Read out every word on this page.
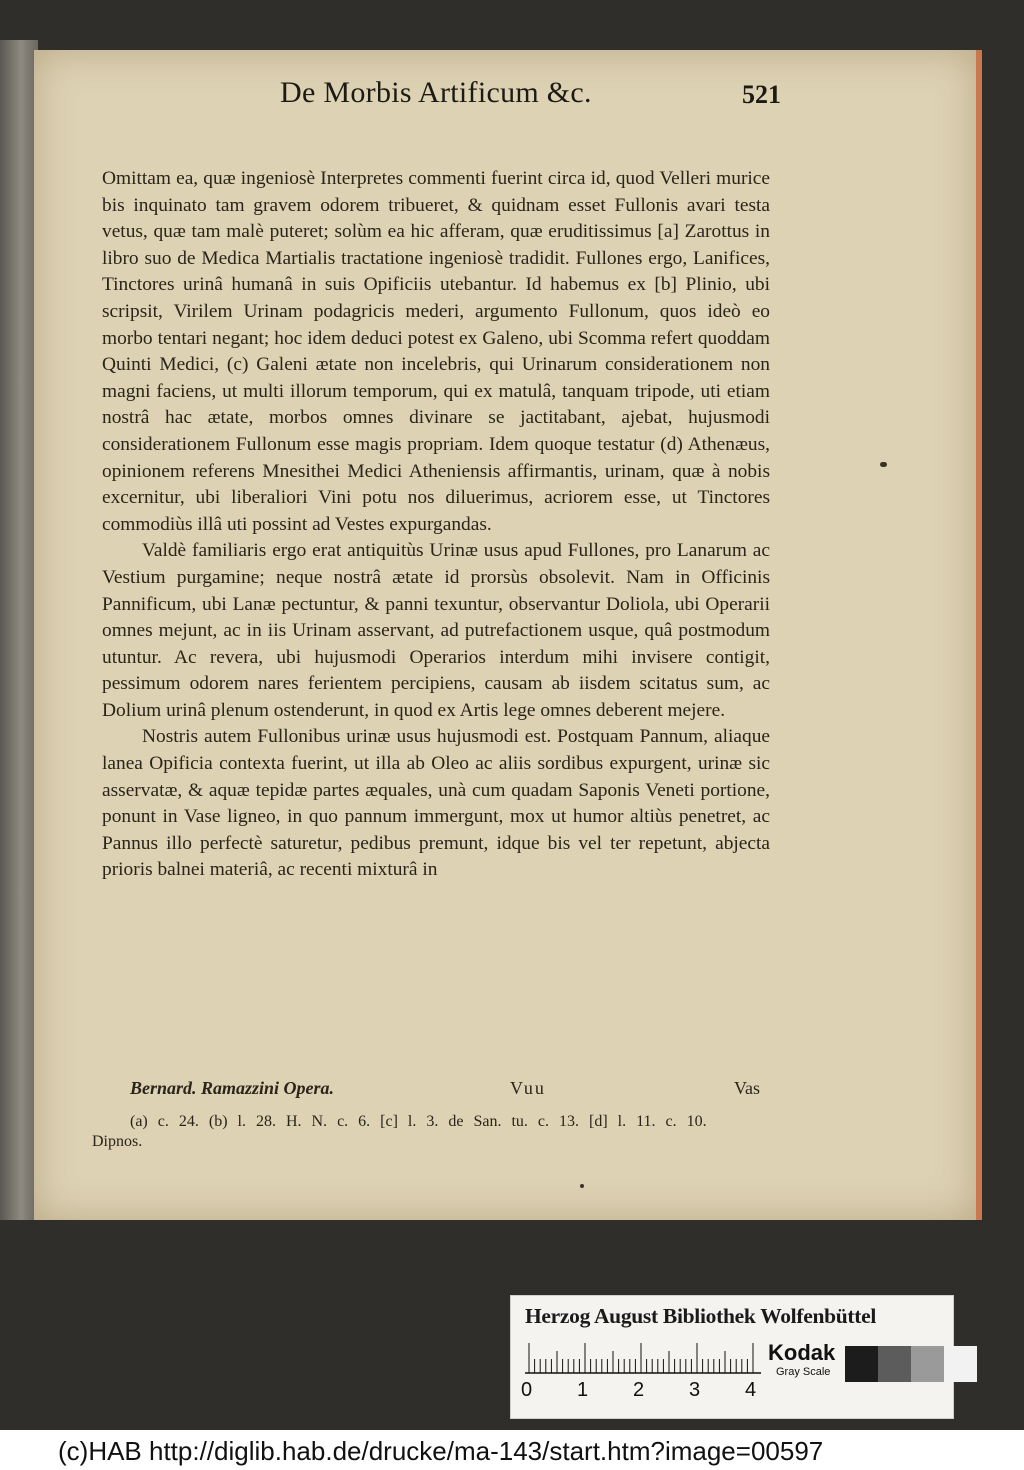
De Morbis Artificum &c.	521

Omittam ea, quæ ingeniosè Interpretes commenti fuerint circa id, quod Velleri murice bis inquinato tam gravem odorem tribueret, & quidnam esset Fullonis avari testa vetus, quæ tam malè puteret; solùm ea hic afferam, quæ eruditissimus [a] Zarottus in libro suo de Medica Martialis tractatione ingeniosè tradidit. Fullones ergo, Lanifices, Tinctores urinâ humanâ in suis Opificiis utebantur. Id habemus ex [b] Plinio, ubi scripsit, Virilem Urinam podagricis mederi, argumento Fullonum, quos ideò eo morbo tentari negant; hoc idem deduci potest ex Galeno, ubi Scomma refert quoddam Quinti Medici, (c) Galeni ætate non incelebris, qui Urinarum considerationem non magni faciens, ut multi illorum temporum, qui ex matulâ, tanquam tripode, uti etiam nostrâ hac ætate, morbos omnes divinare se jactitabant, ajebat, hujusmodi considerationem Fullonum esse magis propriam. Idem quoque testatur (d) Athenæus, opinionem referens Mnesithei Medici Atheniensis affirmantis, urinam, quæ à nobis excernitur, ubi liberaliori Vini potu nos diluerimus, acriorem esse, ut Tinctores commodiùs illâ uti possint ad Vestes expurgandas.

Valdè familiaris ergo erat antiquitùs Urinæ usus apud Fullones, pro Lanarum ac Vestium purgamine; neque nostrâ ætate id prorsùs obsolevit. Nam in Officinis Pannificum, ubi Lanæ pectuntur, & panni texuntur, observantur Doliola, ubi Operarii omnes mejunt, ac in iis Urinam asservant, ad putrefactionem usque, quâ postmodum utuntur. Ac revera, ubi hujusmodi Operarios interdum mihi invisere contigit, pessimum odorem nares ferientem percipiens, causam ab iisdem scitatus sum, ac Dolium urinâ plenum ostenderunt, in quod ex Artis lege omnes deberent mejere.

Nostris autem Fullonibus urinæ usus hujusmodi est. Postquam Pannum, aliaque lanea Opificia contexta fuerint, ut illa ab Oleo ac aliis sordibus expurgent, urinæ sic asservatæ, & aquæ tepidæ partes æquales, unà cum quadam Saponis Veneti portione, ponunt in Vase ligneo, in quo pannum immergunt, mox ut humor altiùs penetret, ac Pannus illo perfectè saturetur, pedibus premunt, idque bis vel ter repetunt, abjecta prioris balnei materiâ, ac recenti mixturâ in

Bernard. Ramazzini Opera.	Vuu	Vas
(a) c. 24. (b) l. 28. H. N. c. 6. [c] l. 3. de San. tu. c. 13. [d] l. 11. c. 10.
Dipnos.
Herzog August Bibliothek Wolfenbüttel
0 1 2 3 4
Kodak
Gray Scale
(c)HAB http://diglib.hab.de/drucke/ma-143/start.htm?image=00597
